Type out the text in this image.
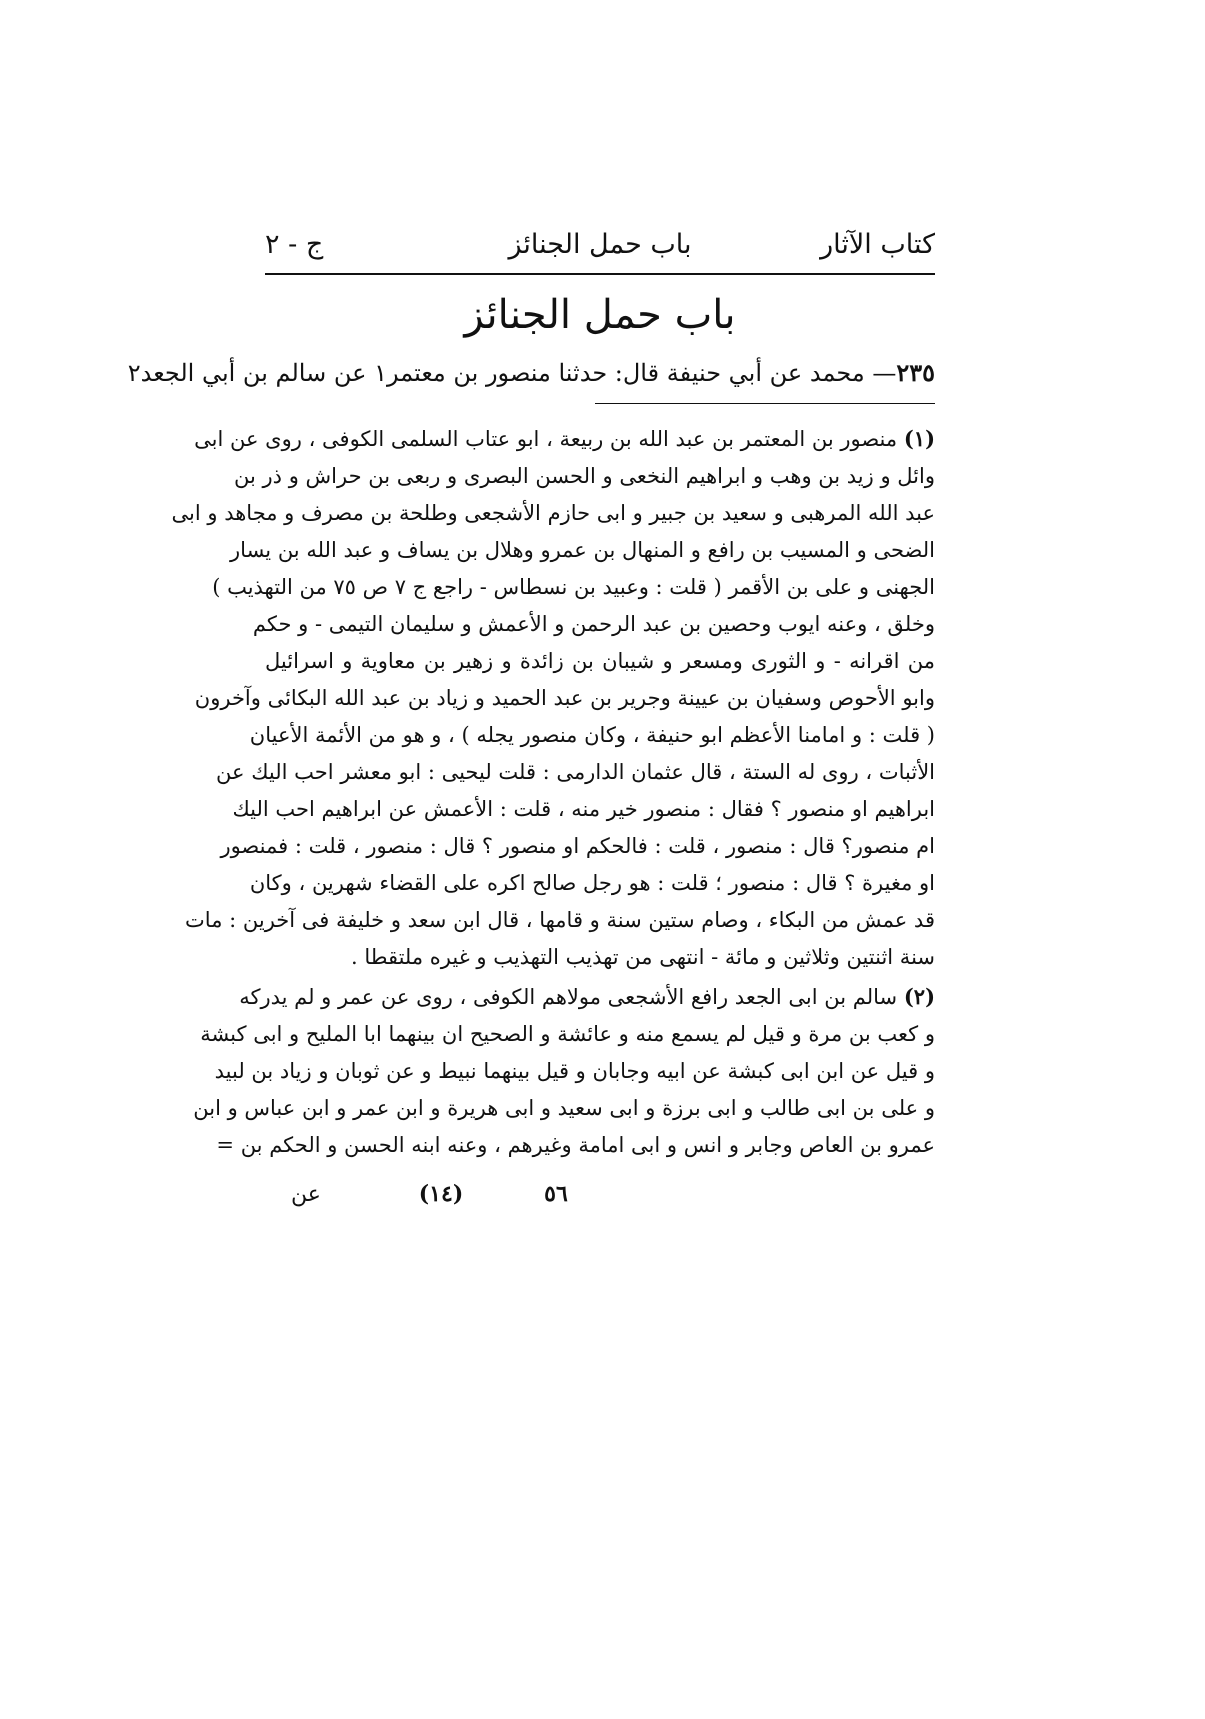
كتاب الآثار
باب حمل الجنائز
ج - ٢
باب حمل الجنائز
٢٣٥— محمد عن أبي حنيفة قال: حدثنا منصور بن معتمر١ عن سالم بن أبي الجعد٢
(١) منصور بن المعتمر بن عبد الله بن ربيعة ، ابو عتاب السلمى الكوفى ، روى عن ابى
وائل و زيد بن وهب و ابراهيم النخعى و الحسن البصرى و ربعى بن حراش و ذر بن
عبد الله المرهبى و سعيد بن جبير و ابى حازم الأشجعى وطلحة بن مصرف و مجاهد و ابى
الضحى و المسيب بن رافع و المنهال بن عمرو وهلال بن يساف و عبد الله بن يسار
الجهنى و على بن الأقمر ( قلت : وعبيد بن نسطاس - راجع ج ٧ ص ٧٥ من التهذيب )
وخلق ، وعنه ايوب وحصين بن عبد الرحمن و الأعمش و سليمان التيمى - و حكم
من اقرانه - و الثورى ومسعر و شيبان بن زائدة و زهير بن معاوية و اسرائيل
وابو الأحوص وسفيان بن عيينة وجرير بن عبد الحميد و زياد بن عبد الله البكائى وآخرون
( قلت : و امامنا الأعظم ابو حنيفة ، وكان منصور يجله ) ، و هو من الأئمة الأعيان
الأثبات ، روى له الستة ، قال عثمان الدارمى : قلت ليحيى : ابو معشر احب اليك عن
ابراهيم او منصور ؟ فقال : منصور خير منه ، قلت : الأعمش عن ابراهيم احب اليك
ام منصور؟ قال : منصور ، قلت : فالحكم او منصور ؟ قال : منصور ، قلت : فمنصور
او مغيرة ؟ قال : منصور ؛ قلت : هو رجل صالح اكره على القضاء شهرين ، وكان
قد عمش من البكاء ، وصام ستين سنة و قامها ، قال ابن سعد و خليفة فى آخرين : مات
سنة اثنتين وثلاثين و مائة - انتهى من تهذيب التهذيب و غيره ملتقطا .
(٢) سالم بن ابى الجعد رافع الأشجعى مولاهم الكوفى ، روى عن عمر و لم يدركه
و كعب بن مرة و قيل لم يسمع منه و عائشة و الصحيح ان بينهما ابا المليح و ابى كبشة
و قيل عن ابن ابى كبشة عن ابيه وجابان و قيل بينهما نبيط و عن ثوبان و زياد بن لبيد
و على بن ابى طالب و ابى برزة و ابى سعيد و ابى هريرة و ابن عمر و ابن عباس و ابن
عمرو بن العاص وجابر و انس و ابى امامة وغيرهم ، وعنه ابنه الحسن و الحكم بن =
عن	(١٤)	٥٦
